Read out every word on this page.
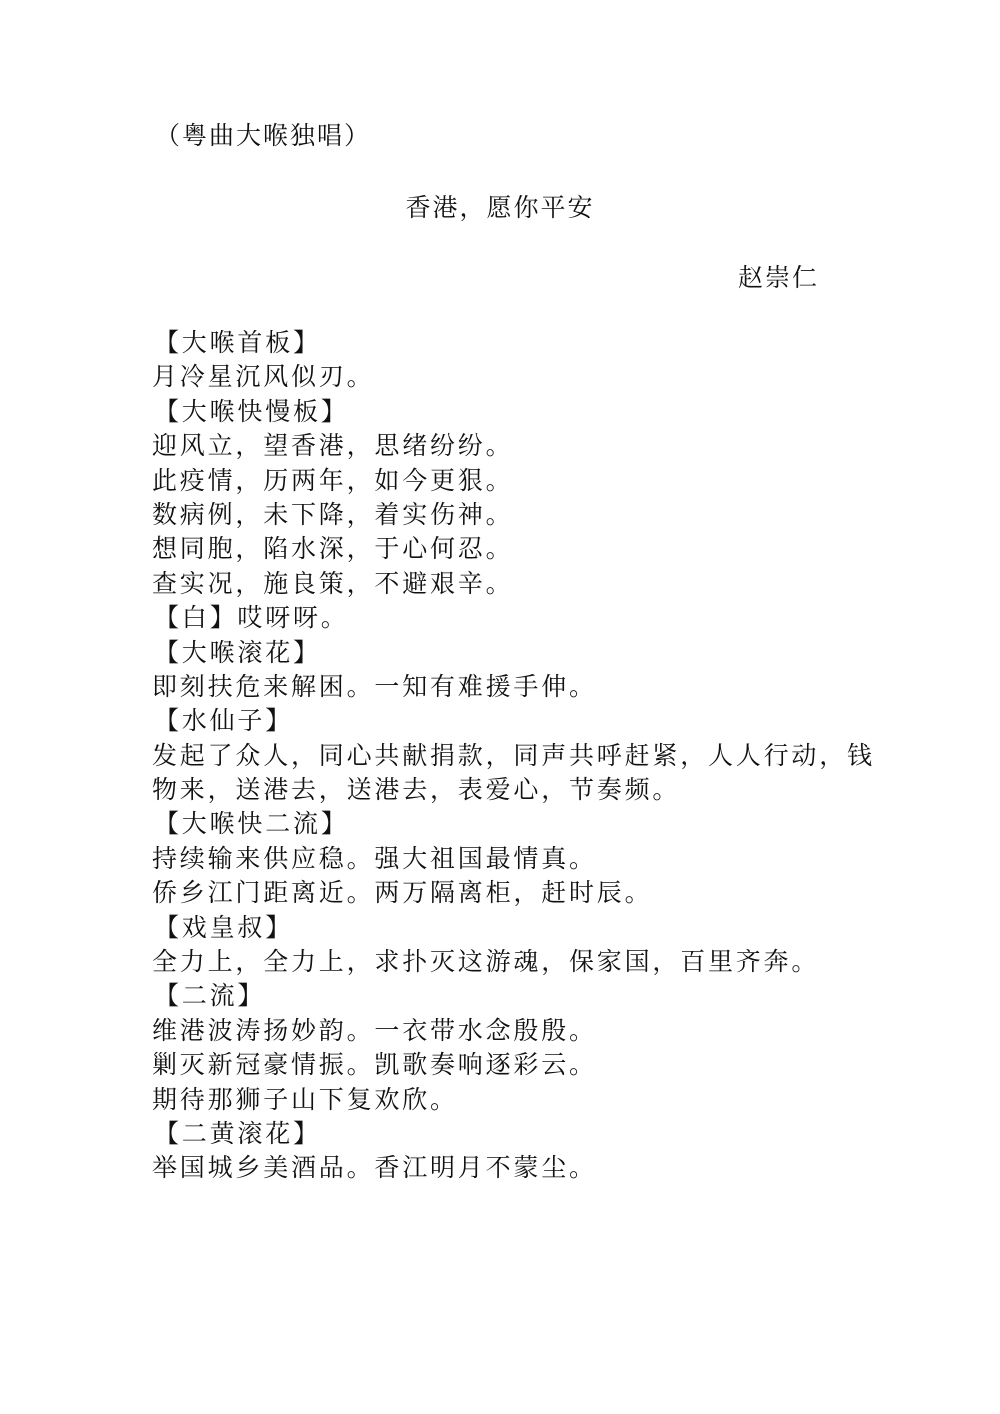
（粤曲大喉独唱）
香港，愿你平安
赵崇仁
【大喉首板】
月冷星沉风似刃。
【大喉快慢板】
迎风立，望香港，思绪纷纷。
此疫情，历两年，如今更狠。
数病例，未下降，着实伤神。
想同胞，陷水深，于心何忍。
查实况，施良策，不避艰辛。
【白】哎呀呀。
【大喉滚花】
即刻扶危来解困。一知有难援手伸。
【水仙子】
发起了众人，同心共献捐款，同声共呼赶紧，人人行动，钱
物来，送港去，送港去，表爱心，节奏频。
【大喉快二流】
持续输来供应稳。强大祖国最情真。
侨乡江门距离近。两万隔离柜，赶时辰。
【戏皇叔】
全力上，全力上，求扑灭这游魂，保家国，百里齐奔。
【二流】
维港波涛扬妙韵。一衣带水念殷殷。
剿灭新冠豪情振。凯歌奏响逐彩云。
期待那狮子山下复欢欣。
【二黄滚花】
举国城乡美酒品。香江明月不蒙尘。
